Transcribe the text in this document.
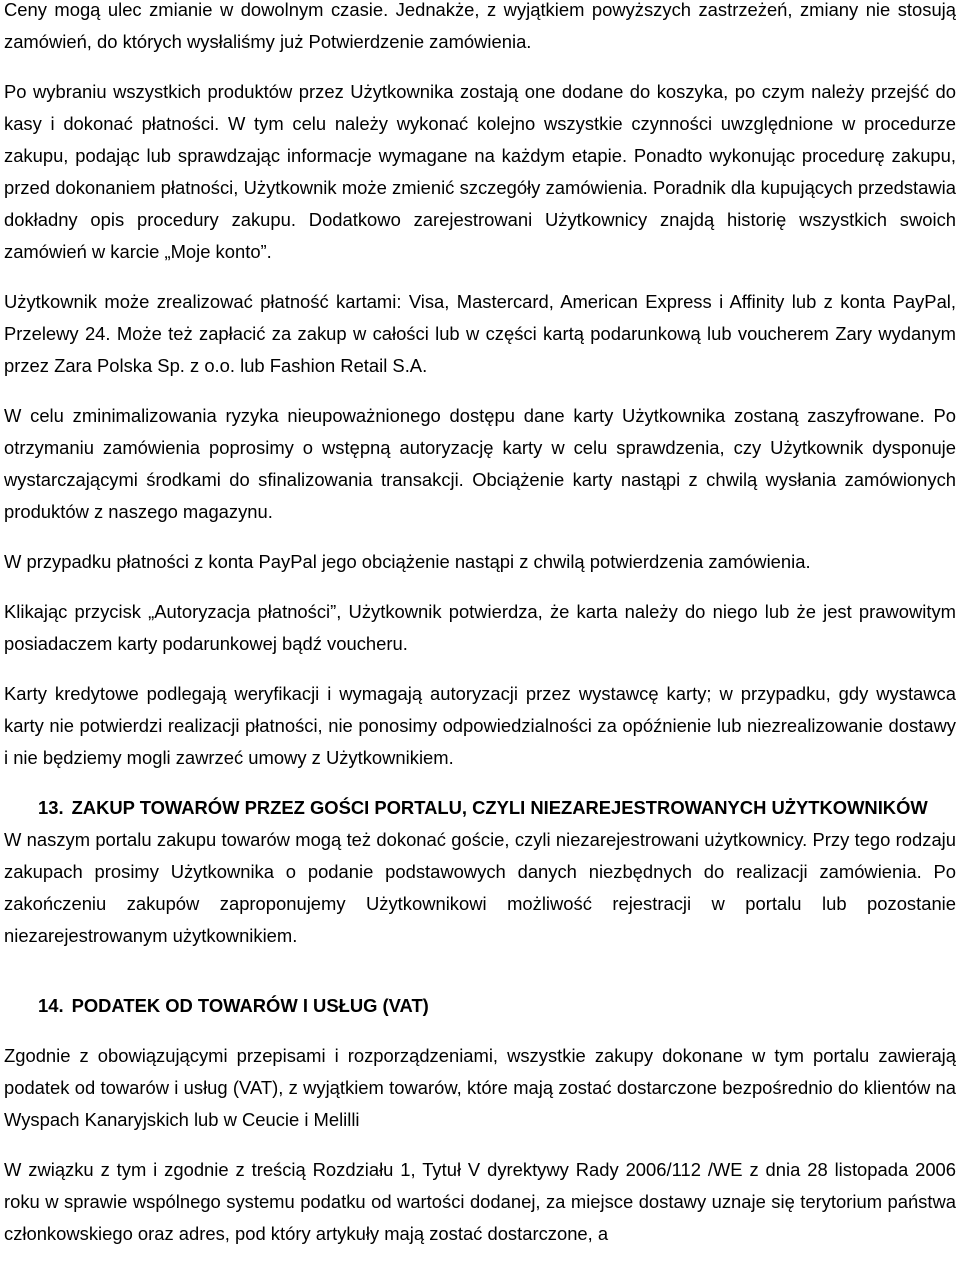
Ceny mogą ulec zmianie w dowolnym czasie. Jednakże, z wyjątkiem powyższych zastrzeżeń, zmiany nie stosują zamówień, do których wysłaliśmy już Potwierdzenie zamówienia.

Po wybraniu wszystkich produktów przez Użytkownika zostają one dodane do koszyka, po czym należy przejść do kasy i dokonać płatności. W tym celu należy wykonać kolejno wszystkie czynności uwzględnione w procedurze zakupu, podając lub sprawdzając informacje wymagane na każdym etapie. Ponadto wykonując procedurę zakupu, przed dokonaniem płatności, Użytkownik może zmienić szczegóły zamówienia. Poradnik dla kupujących przedstawia dokładny opis procedury zakupu. Dodatkowo zarejestrowani Użytkownicy znajdą historię wszystkich swoich zamówień w karcie „Moje konto”.

Użytkownik może zrealizować płatność kartami: Visa, Mastercard, American Express i Affinity lub z konta PayPal, Przelewy 24. Może też zapłacić za zakup w całości lub w części kartą podarunkową lub voucherem Zary wydanym przez Zara Polska Sp. z o.o. lub Fashion Retail S.A.

W celu zminimalizowania ryzyka nieupoważnionego dostępu dane karty Użytkownika zostaną zaszyfrowane. Po otrzymaniu zamówienia poprosimy o wstępną autoryzację karty w celu sprawdzenia, czy Użytkownik dysponuje wystarczającymi środkami do sfinalizowania transakcji. Obciążenie karty nastąpi z chwilą wysłania zamówionych produktów z naszego magazynu.

W przypadku płatności z konta PayPal jego obciążenie nastąpi z chwilą potwierdzenia zamówienia.

Klikając przycisk „Autoryzacja płatności”, Użytkownik potwierdza, że karta należy do niego lub że jest prawowitym posiadaczem karty podarunkowej bądź voucheru.

Karty kredytowe podlegają weryfikacji i wymagają autoryzacji przez wystawcę karty; w przypadku, gdy wystawca karty nie potwierdzi realizacji płatności, nie ponosimy odpowiedzialności za opóźnienie lub niezrealizowanie dostawy i nie będziemy mogli zawrzeć umowy z Użytkownikiem.

13. ZAKUP TOWARÓW PRZEZ GOŚCI PORTALU, CZYLI NIEZAREJESTROWANYCH UŻYTKOWNIKÓW

W naszym portalu zakupu towarów mogą też dokonać goście, czyli niezarejestrowani użytkownicy. Przy tego rodzaju zakupach prosimy Użytkownika o podanie podstawowych danych niezbędnych do realizacji zamówienia. Po zakończeniu zakupów zaproponujemy Użytkownikowi możliwość rejestracji w portalu lub pozostanie niezarejestrowanym użytkownikiem.

14. PODATEK OD TOWARÓW I USŁUG (VAT)

Zgodnie z obowiązującymi przepisami i rozporządzeniami, wszystkie zakupy dokonane w tym portalu zawierają podatek od towarów i usług (VAT), z wyjątkiem towarów, które mają zostać dostarczone bezpośrednio do klientów na Wyspach Kanaryjskich lub w Ceucie i Melilli

W związku z tym i zgodnie z treścią Rozdziału 1, Tytuł V dyrektywy Rady 2006/112 /WE z dnia 28 listopada 2006 roku w sprawie wspólnego systemu podatku od wartości dodanej, za miejsce dostawy uznaje się terytorium państwa członkowskiego oraz adres, pod który artykuły mają zostać dostarczone, a
